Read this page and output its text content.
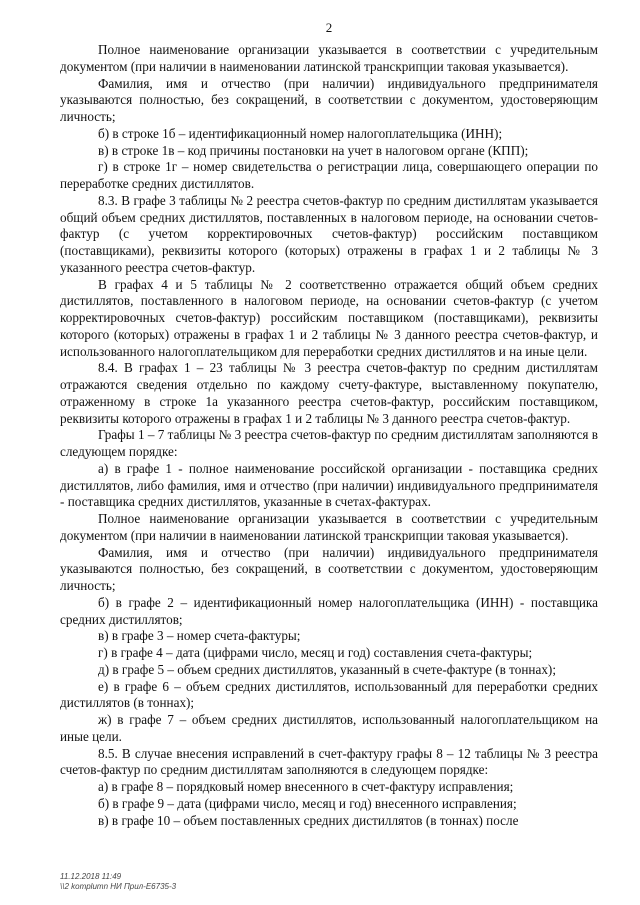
2

Полное наименование организации указывается в соответствии с учредительным документом (при наличии в наименовании латинской транскрипции таковая указывается).

Фамилия, имя и отчество (при наличии) индивидуального предпринимателя указываются полностью, без сокращений, в соответствии с документом, удостоверяющим личность;

б) в строке 1б – идентификационный номер налогоплательщика (ИНН);

в) в строке 1в – код причины постановки на учет в налоговом органе (КПП);

г) в строке 1г – номер свидетельства о регистрации лица, совершающего операции по переработке средних дистиллятов.

8.3. В графе 3 таблицы № 2 реестра счетов-фактур по средним дистиллятам указывается общий объем средних дистиллятов, поставленных в налоговом периоде, на основании счетов-фактур (с учетом корректировочных счетов-фактур) российским поставщиком (поставщиками), реквизиты которого (которых) отражены в графах 1 и 2 таблицы № 3 указанного реестра счетов-фактур.

В графах 4 и 5 таблицы № 2 соответственно отражается общий объем средних дистиллятов, поставленного в налоговом периоде, на основании счетов-фактур (с учетом корректировочных счетов-фактур) российским поставщиком (поставщиками), реквизиты которого (которых) отражены в графах 1 и 2 таблицы № 3 данного реестра счетов-фактур, и использованного налогоплательщиком для переработки средних дистиллятов и на иные цели.

8.4. В графах 1 – 23 таблицы № 3 реестра счетов-фактур по средним дистиллятам отражаются сведения отдельно по каждому счету-фактуре, выставленному покупателю, отраженному в строке 1а указанного реестра счетов-фактур, российским поставщиком, реквизиты которого отражены в графах 1 и 2 таблицы № 3 данного реестра счетов-фактур.

Графы 1 – 7 таблицы № 3 реестра счетов-фактур по средним дистиллятам заполняются в следующем порядке:

а) в графе 1 - полное наименование российской организации - поставщика средних дистиллятов, либо фамилия, имя и отчество (при наличии) индивидуального предпринимателя - поставщика средних дистиллятов, указанные в счетах-фактурах.

Полное наименование организации указывается в соответствии с учредительным документом (при наличии в наименовании латинской транскрипции таковая указывается).

Фамилия, имя и отчество (при наличии) индивидуального предпринимателя указываются полностью, без сокращений, в соответствии с документом, удостоверяющим личность;

б) в графе 2 – идентификационный номер налогоплательщика (ИНН) - поставщика средних дистиллятов;

в) в графе 3 – номер счета-фактуры;

г) в графе 4 – дата (цифрами число, месяц и год) составления счета-фактуры;

д) в графе 5 – объем средних дистиллятов, указанный в счете-фактуре (в тоннах);

е) в графе 6 – объем средних дистиллятов, использованный для переработки средних дистиллятов (в тоннах);

ж) в графе 7 – объем средних дистиллятов, использованный налогоплательщиком на иные цели.

8.5. В случае внесения исправлений в счет-фактуру графы 8 – 12 таблицы № 3 реестра счетов-фактур по средним дистиллятам заполняются в следующем порядке:

а) в графе 8 – порядковый номер внесенного в счет-фактуру исправления;

б) в графе 9 – дата (цифрами число, месяц и год) внесенного исправления;

в) в графе 10 – объем поставленных средних дистиллятов (в тоннах) после

11.12.2018 11:49
\\2 komplumn НИ Прил-Е6735-3
